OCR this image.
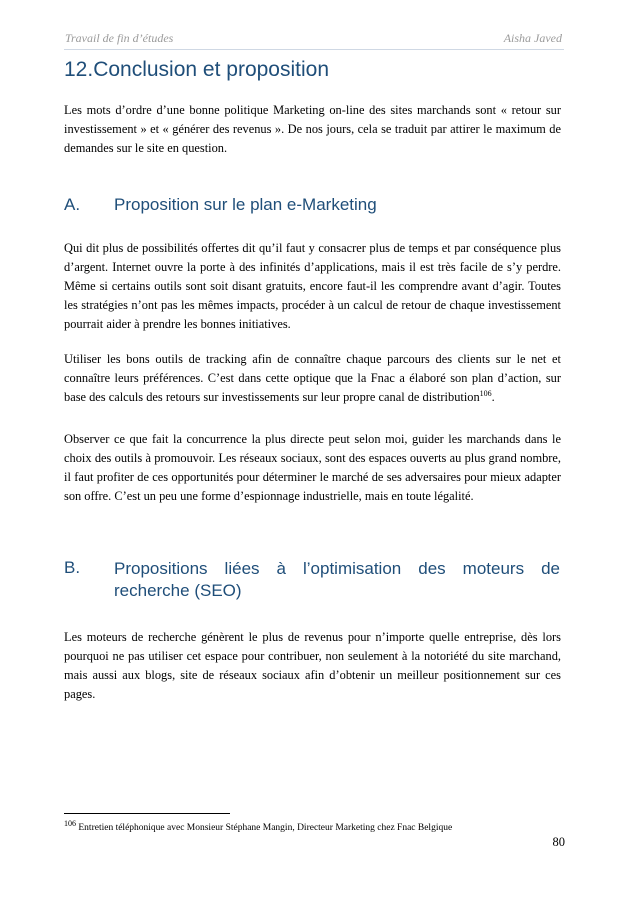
Travail de fin d’études	Aisha Javed
12.Conclusion et proposition
Les mots d’ordre d’une bonne politique Marketing on-line des sites marchands sont « retour sur investissement » et « générer des revenus ». De nos jours, cela se traduit par attirer le maximum de demandes sur le site en question.
A. Proposition sur le plan e-Marketing
Qui dit plus de possibilités offertes dit qu’il faut y consacrer plus de temps et par conséquence plus d’argent. Internet ouvre la porte à des infinités d’applications, mais il est très facile de s’y perdre. Même si certains outils sont soit disant gratuits, encore faut-il les comprendre avant d’agir. Toutes les stratégies n’ont pas les mêmes impacts, procéder à un calcul de retour de chaque investissement pourrait aider à prendre les bonnes initiatives.
Utiliser les bons outils de tracking afin de connaître chaque parcours des clients sur le net et connaître leurs préférences. C’est dans cette optique que la Fnac a élaboré son plan d’action, sur base des calculs des retours sur investissements sur leur propre canal de distribution$^{106}$.
Observer ce que fait la concurrence la plus directe peut selon moi, guider les marchands dans le choix des outils à promouvoir. Les réseaux sociaux, sont des espaces ouverts au plus grand nombre, il faut profiter de ces opportunités pour déterminer le marché de ses adversaires pour mieux adapter son offre. C’est un peu une forme d’espionnage industrielle, mais en toute légalité.
B. Propositions liées à l’optimisation des moteurs de recherche (SEO)
Les moteurs de recherche génèrent le plus de revenus pour n’importe quelle entreprise, dès lors pourquoi ne pas utiliser cet espace pour contribuer, non seulement à la notoriété du site marchand, mais aussi aux blogs, site de réseaux sociaux afin d’obtenir un meilleur positionnement sur ces pages.
$^{106}$ Entretien téléphonique avec Monsieur Stéphane Mangin, Directeur Marketing chez Fnac Belgique
80
